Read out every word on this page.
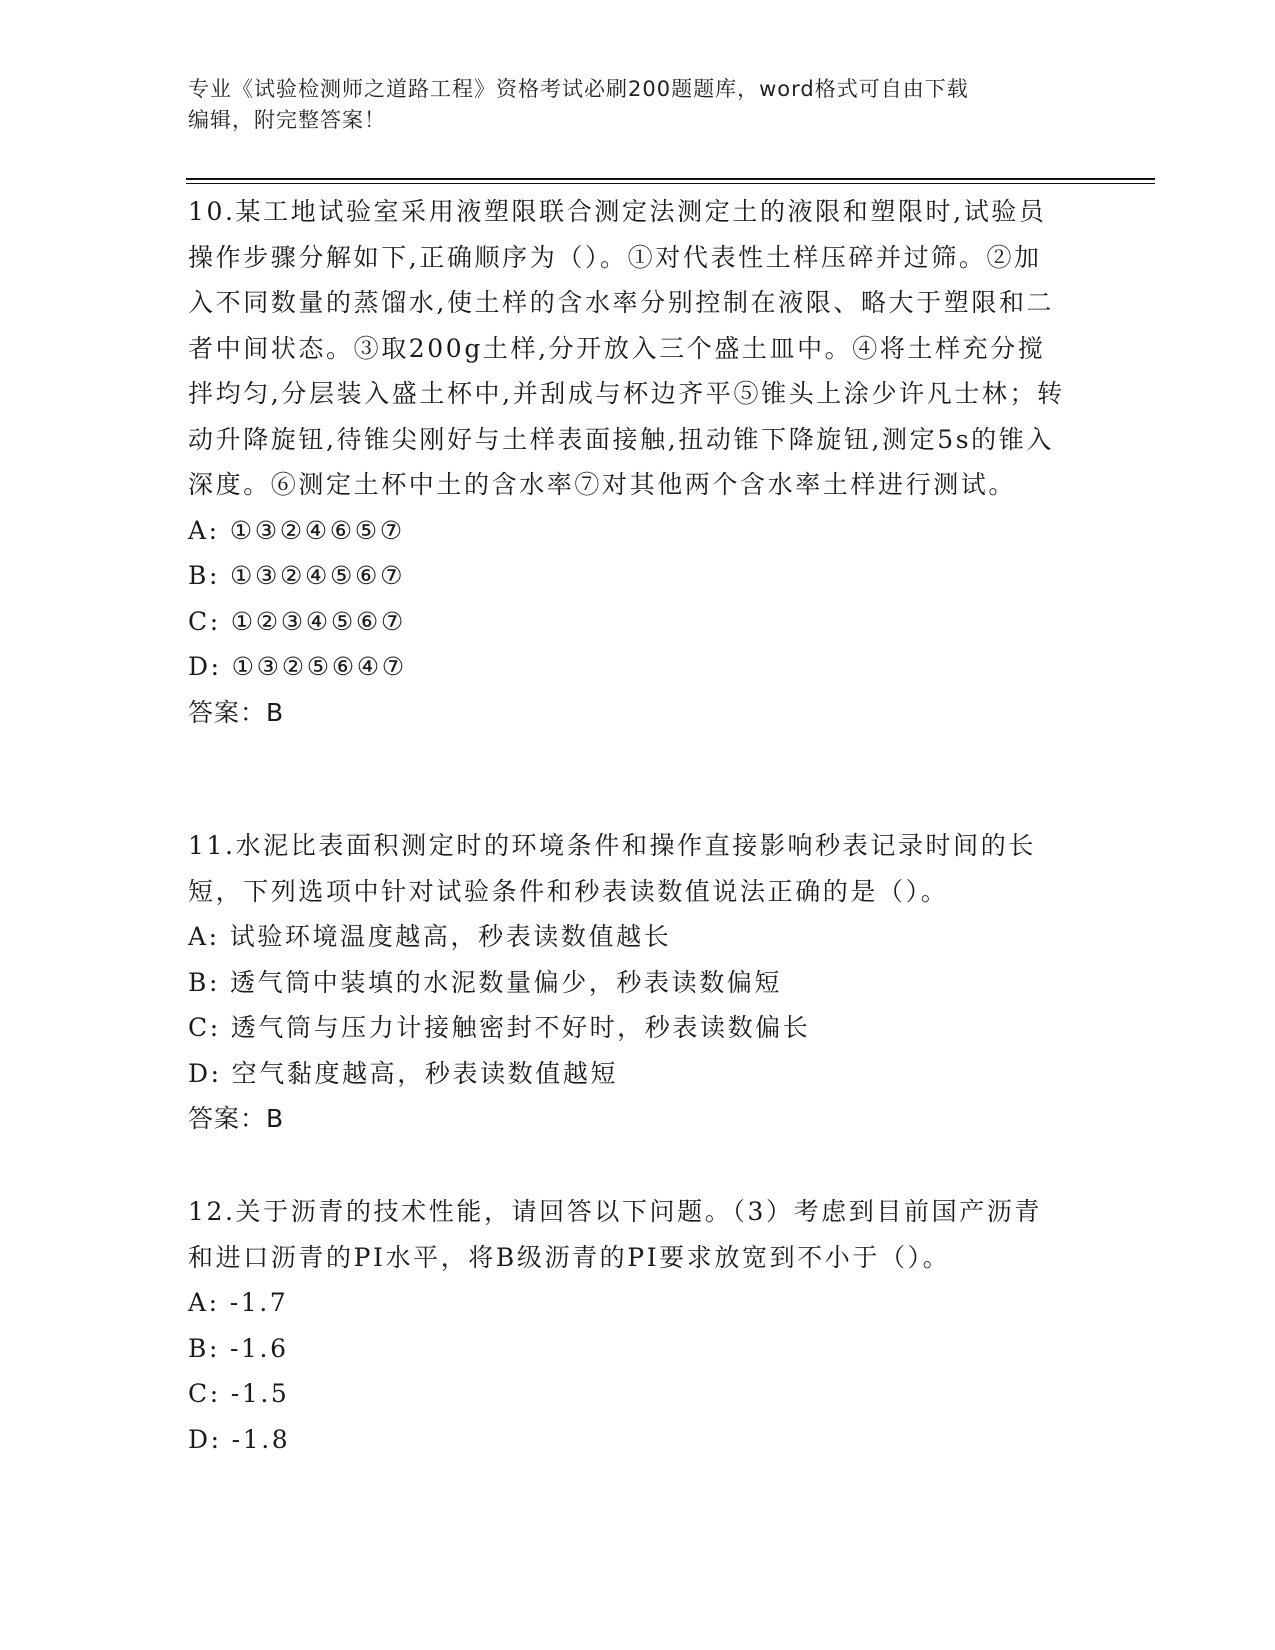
专业《试验检测师之道路工程》资格考试必刷200题题库，word格式可自由下载
编辑，附完整答案！

10.某工地试验室采用液塑限联合测定法测定土的液限和塑限时,试验员操作步骤分解如下,正确顺序为（）。①对代表性土样压碎并过筛。②加入不同数量的蒸馏水,使土样的含水率分别控制在液限、略大于塑限和二者中间状态。③取200g土样,分开放入三个盛土皿中。④将土样充分搅拌均匀,分层装入盛土杯中,并刮成与杯边齐平⑤锥头上涂少许凡士林；转动升降旋钮,待锥尖刚好与土样表面接触,扭动锥下降旋钮,测定5s的锥入深度。⑥测定土杯中土的含水率⑦对其他两个含水率土样进行测试。

A: ①③②④⑥⑤⑦
B: ①③②④⑤⑥⑦
C: ①②③④⑤⑥⑦
D: ①③②⑤⑥④⑦
答案：B

11.水泥比表面积测定时的环境条件和操作直接影响秒表记录时间的长短，下列选项中针对试验条件和秒表读数值说法正确的是（）。

A: 试验环境温度越高，秒表读数值越长
B: 透气筒中装填的水泥数量偏少，秒表读数偏短
C: 透气筒与压力计接触密封不好时，秒表读数偏长
D: 空气黏度越高，秒表读数值越短
答案：B

12.关于沥青的技术性能，请回答以下问题。（3）考虑到目前国产沥青和进口沥青的PI水平，将B级沥青的PI要求放宽到不小于（）。

A: -1.7
B: -1.6
C: -1.5
D: -1.8
